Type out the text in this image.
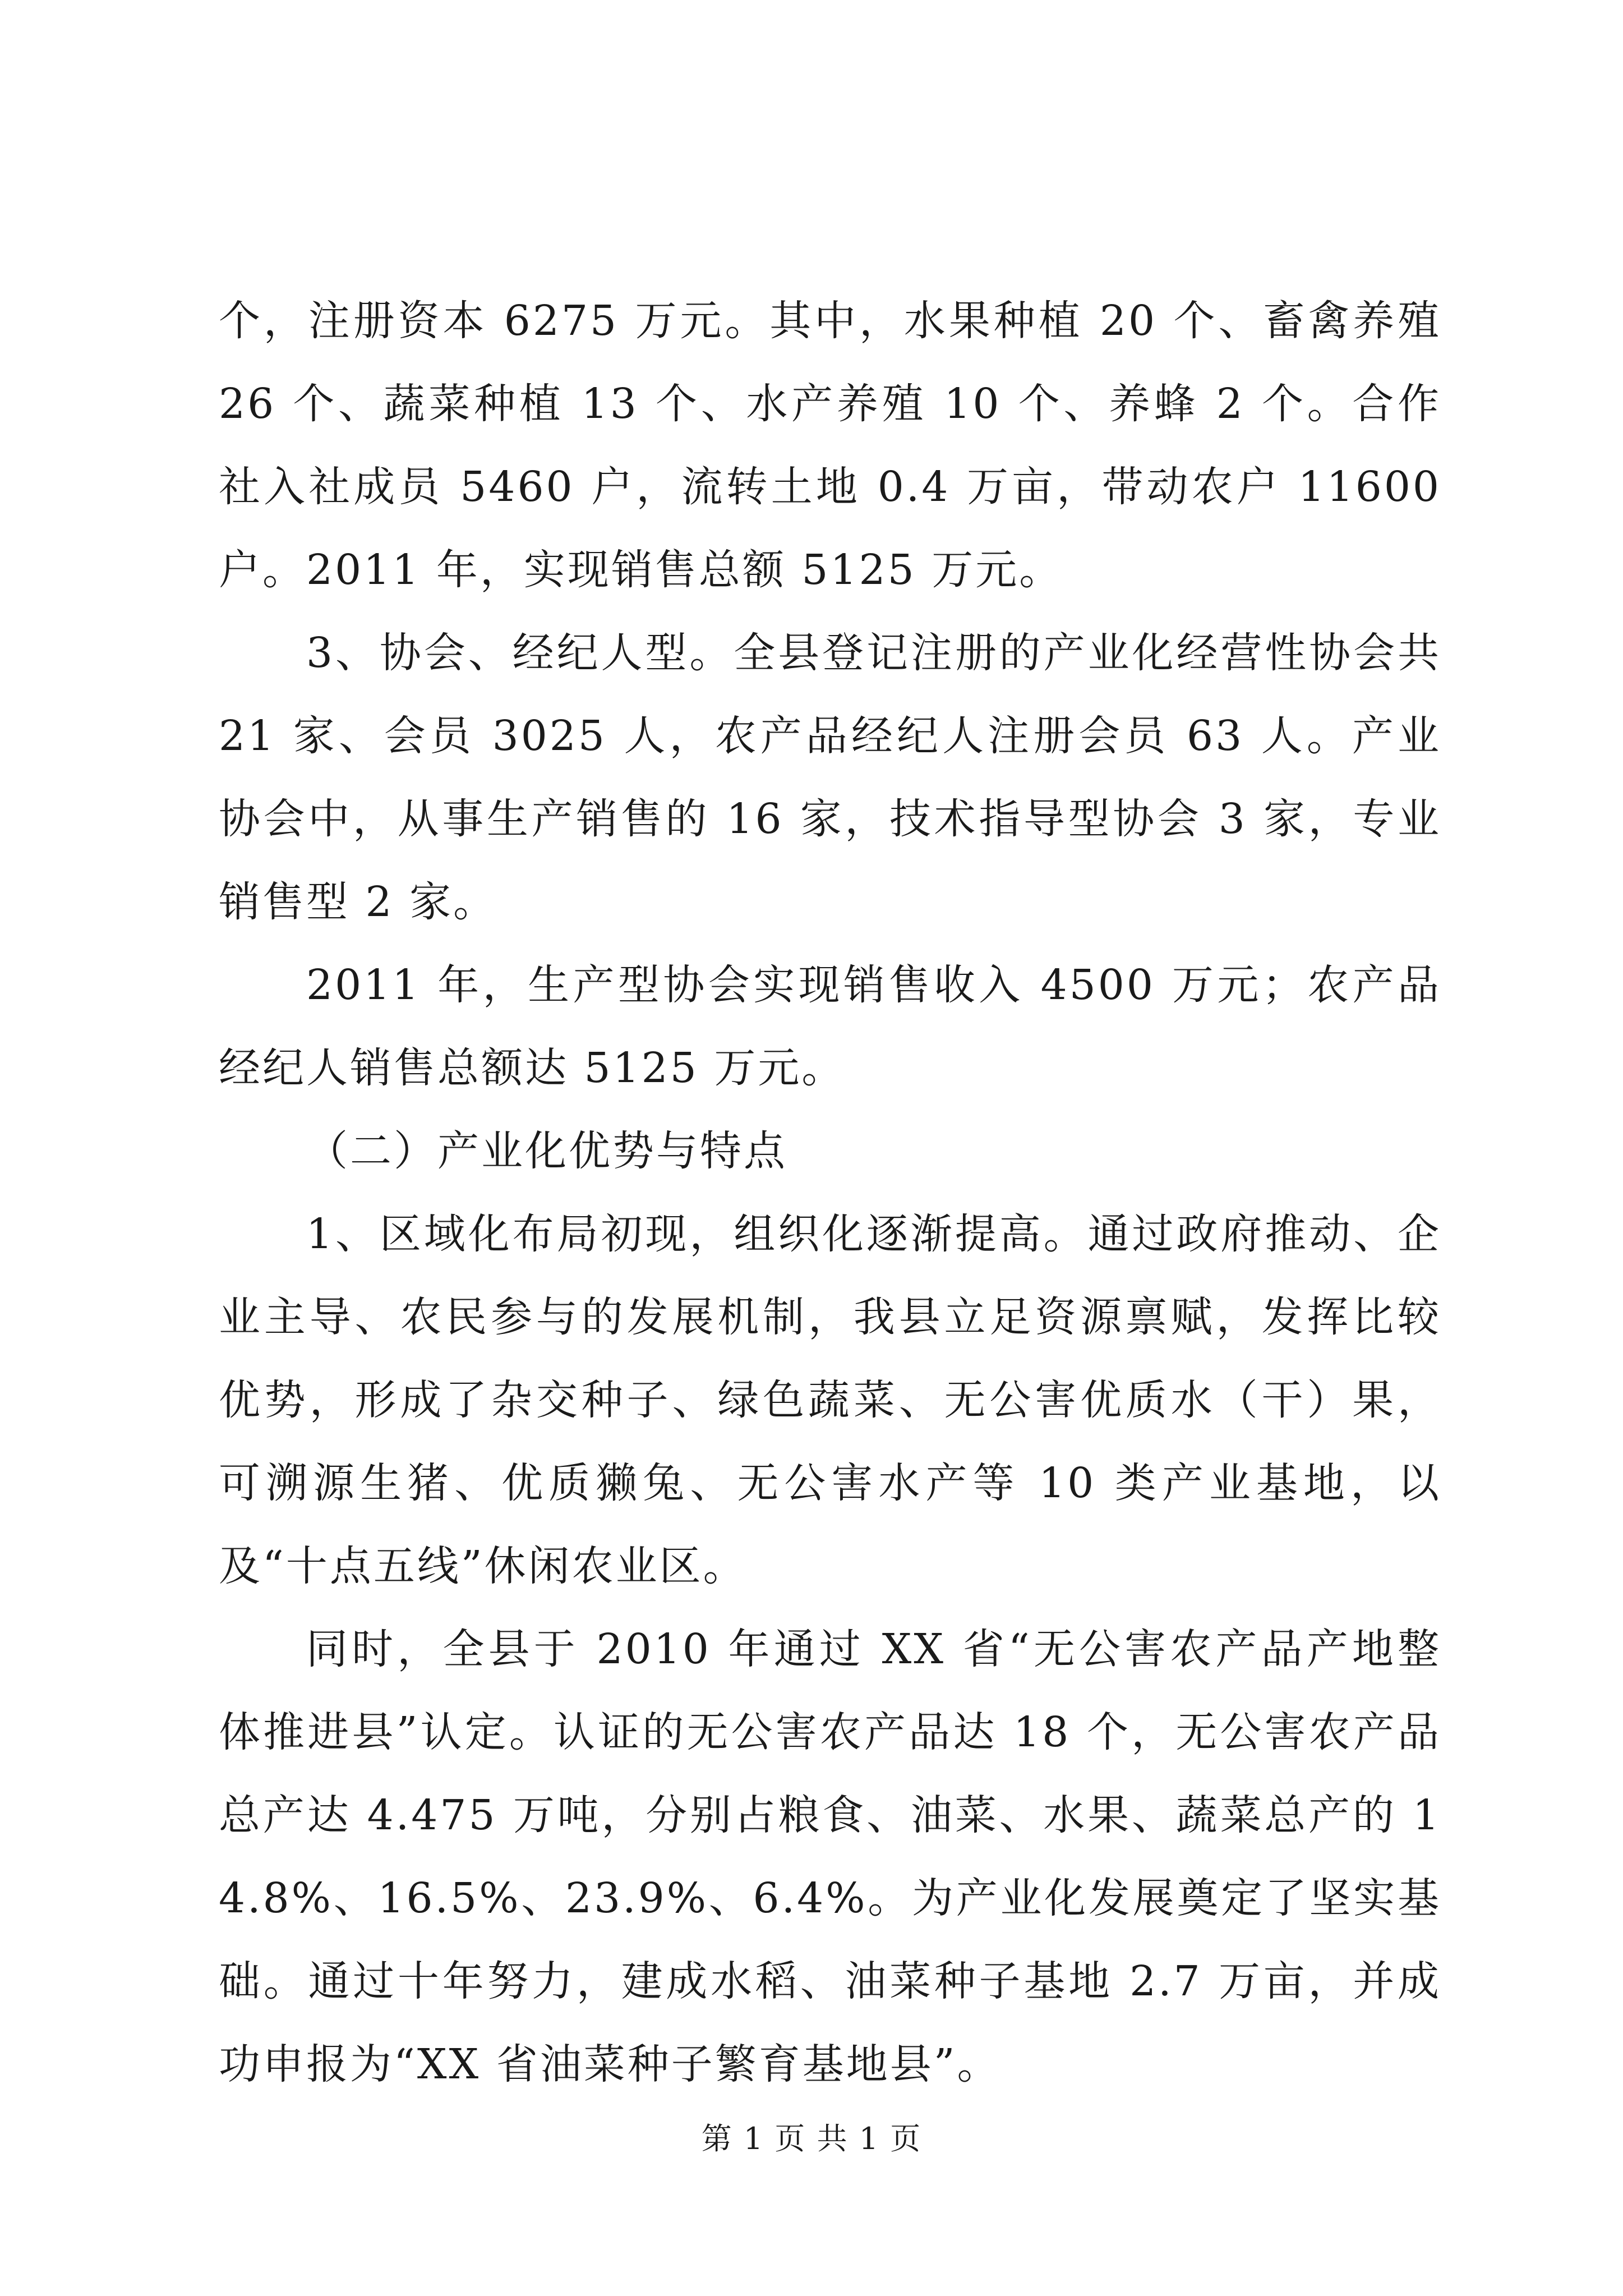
个，注册资本 6275 万元。其中，水果种植 20 个、畜禽养殖 26 个、蔬菜种植 13 个、水产养殖 10 个、养蜂 2 个。合作社入社成员 5460 户，流转土地 0.4 万亩，带动农户 11600 户。2011 年，实现销售总额 5125 万元。

3、协会、经纪人型。全县登记注册的产业化经营性协会共 21 家、会员 3025 人，农产品经纪人注册会员 63 人。产业协会中，从事生产销售的 16 家，技术指导型协会 3 家，专业销售型 2 家。

2011 年，生产型协会实现销售收入 4500 万元；农产品经纪人销售总额达 5125 万元。

（二）产业化优势与特点

1、区域化布局初现，组织化逐渐提高。通过政府推动、企业主导、农民参与的发展机制，我县立足资源禀赋，发挥比较优势，形成了杂交种子、绿色蔬菜、无公害优质水（干）果，可溯源生猪、优质獭兔、无公害水产等 10 类产业基地，以及“十点五线”休闲农业区。

同时，全县于 2010 年通过 XX 省“无公害农产品产地整体推进县”认定。认证的无公害农产品达 18 个，无公害农产品总产达 4.475 万吨，分别占粮食、油菜、水果、蔬菜总产的 14.8%、16.5%、23.9%、6.4%。为产业化发展奠定了坚实基础。通过十年努力，建成水稻、油菜种子基地 2.7 万亩，并成功申报为“XX 省油菜种子繁育基地县”。

第 1 页 共 1 页
